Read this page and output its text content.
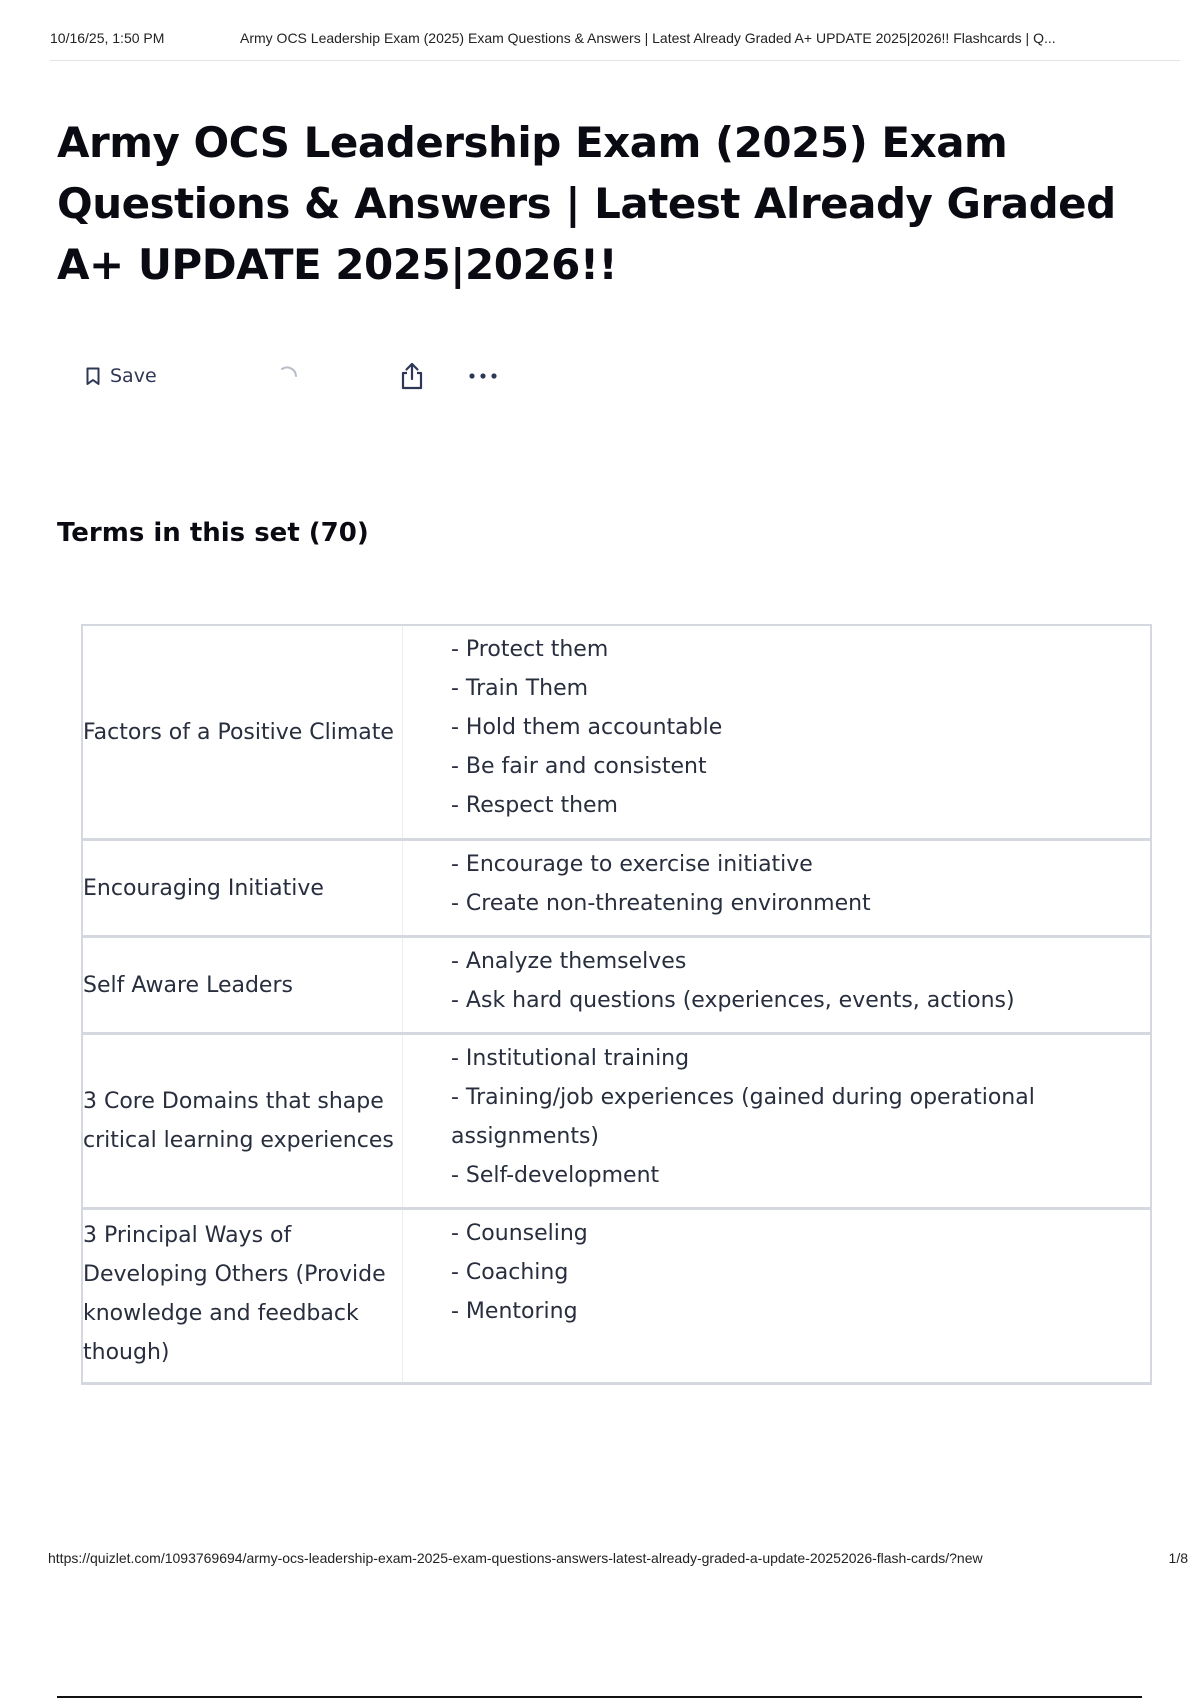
10/16/25, 1:50 PM	Army OCS Leadership Exam (2025) Exam Questions & Answers | Latest Already Graded A+ UPDATE 2025|2026!! Flashcards | Q...
Army OCS Leadership Exam (2025) Exam Questions & Answers | Latest Already Graded A+ UPDATE 2025|2026!!
Save
Terms in this set (70)
Factors of a Positive Climate
- Protect them
- Train Them
- Hold them accountable
- Be fair and consistent
- Respect them
Encouraging Initiative
- Encourage to exercise initiative
- Create non-threatening environment
Self Aware Leaders
- Analyze themselves
- Ask hard questions (experiences, events, actions)
3 Core Domains that shape critical learning experiences
- Institutional training
- Training/job experiences (gained during operational assignments)
- Self-development
3 Principal Ways of Developing Others (Provide knowledge and feedback though)
- Counseling
- Coaching
- Mentoring
https://quizlet.com/1093769694/army-ocs-leadership-exam-2025-exam-questions-answers-latest-already-graded-a-update-20252026-flash-cards/?new	1/8
